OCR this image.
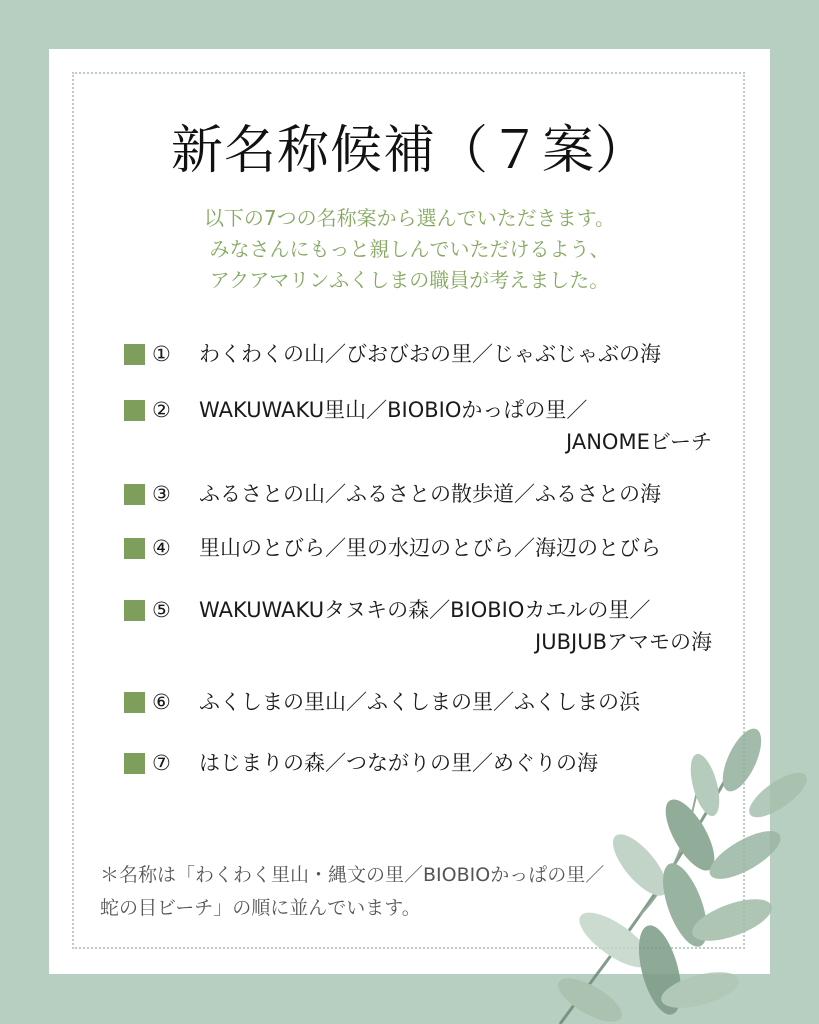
新名称候補（７案）
以下の7つの名称案から選んでいただきます。
みなさんにもっと親しんでいただけるよう、
アクアマリンふくしまの職員が考えました。
① わくわくの山／びおびおの里／じゃぶじゃぶの海
② WAKUWAKU里山／BIOBIOかっぱの里／
JANOMEビーチ
③ ふるさとの山／ふるさとの散歩道／ふるさとの海
④ 里山のとびら／里の水辺のとびら／海辺のとびら
⑤ WAKUWAKUタヌキの森／BIOBIOカエルの里／
JUBJUBアマモの海
⑥ ふくしまの里山／ふくしまの里／ふくしまの浜
⑦ はじまりの森／つながりの里／めぐりの海
＊名称は「わくわく里山・縄文の里／BIOBIOかっぱの里／
蛇の目ビーチ」の順に並んでいます。
